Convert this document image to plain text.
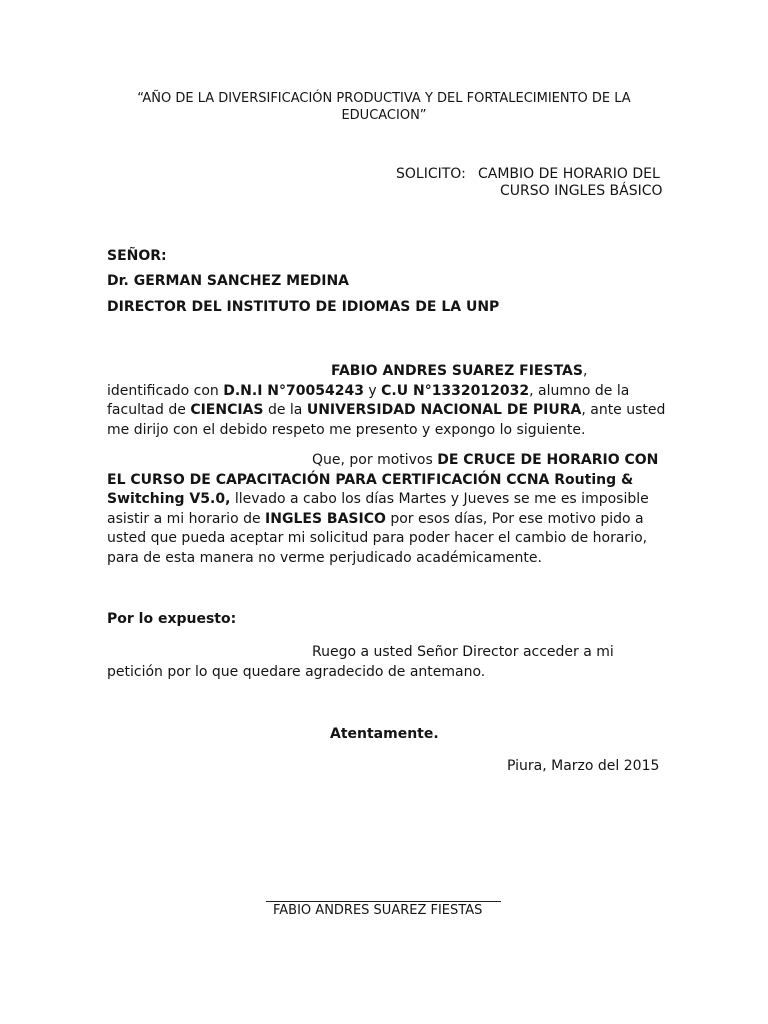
“AÑO DE LA DIVERSIFICACIÓN PRODUCTIVA Y DEL FORTALECIMIENTO DE LA
EDUCACION”
SOLICITO: CAMBIO DE HORARIO DEL
CURSO INGLES BÁSICO
SEÑOR:
Dr. GERMAN SANCHEZ MEDINA
DIRECTOR DEL INSTITUTO DE IDIOMAS DE LA UNP
FABIO ANDRES SUAREZ FIESTAS,
identificado con D.N.I N°70054243 y C.U N°1332012032, alumno de la
facultad de CIENCIAS de la UNIVERSIDAD NACIONAL DE PIURA, ante usted
me dirijo con el debido respeto me presento y expongo lo siguiente.
Que, por motivos DE CRUCE DE HORARIO CON
EL CURSO DE CAPACITACIÓN PARA CERTIFICACIÓN CCNA Routing &
Switching V5.0, llevado a cabo los días Martes y Jueves se me es imposible
asistir a mi horario de INGLES BASICO por esos días, Por ese motivo pido a
usted que pueda aceptar mi solicitud para poder hacer el cambio de horario,
para de esta manera no verme perjudicado académicamente.
Por lo expuesto:
Ruego a usted Señor Director acceder a mi
petición por lo que quedare agradecido de antemano.
Atentamente.
Piura, Marzo del 2015
FABIO ANDRES SUAREZ FIESTAS
